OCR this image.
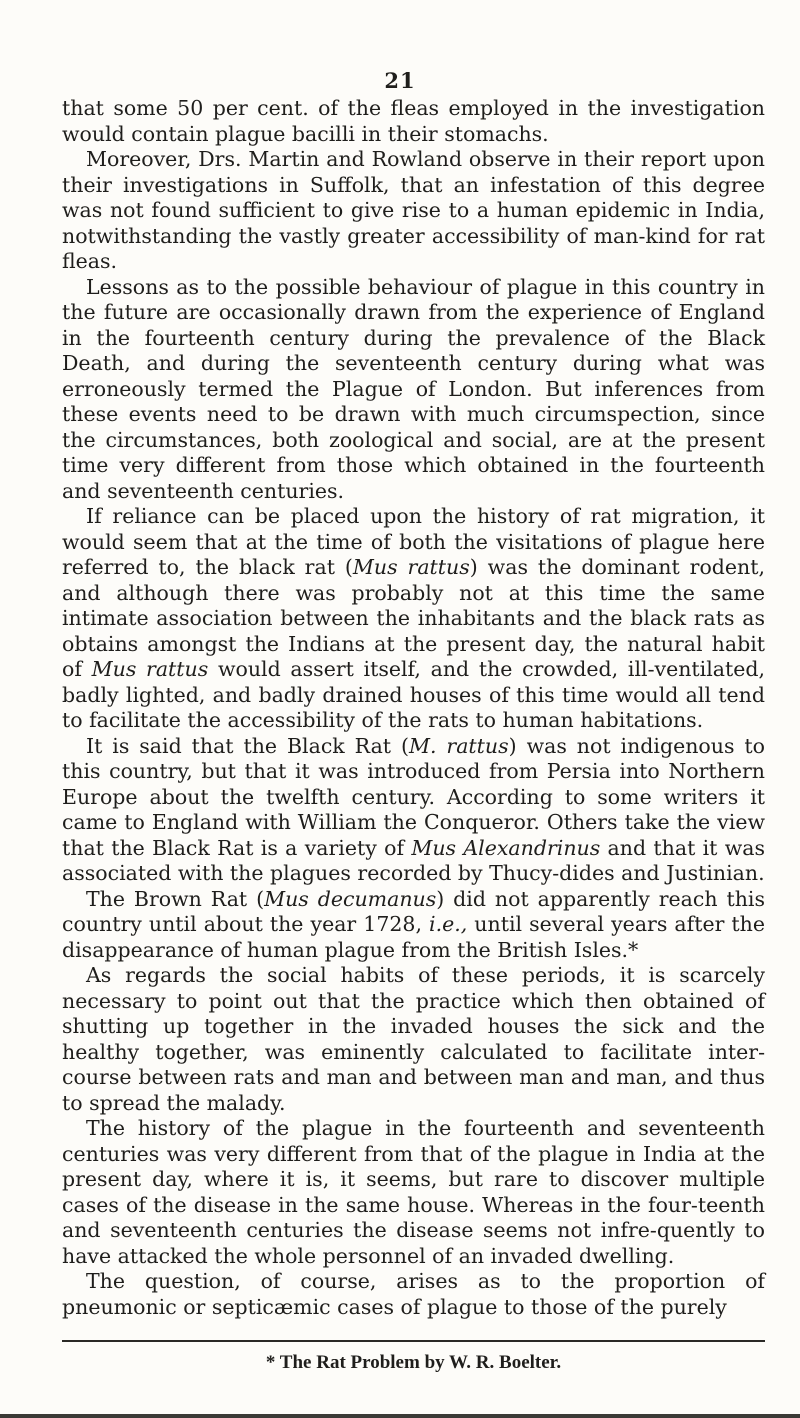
21

that some 50 per cent. of the fleas employed in the investigation would contain plague bacilli in their stomachs.

Moreover, Drs. Martin and Rowland observe in their report upon their investigations in Suffolk, that an infestation of this degree was not found sufficient to give rise to a human epidemic in India, notwithstanding the vastly greater accessibility of man-kind for rat fleas.

Lessons as to the possible behaviour of plague in this country in the future are occasionally drawn from the experience of England in the fourteenth century during the prevalence of the Black Death, and during the seventeenth century during what was erroneously termed the Plague of London. But inferences from these events need to be drawn with much circumspection, since the circumstances, both zoological and social, are at the present time very different from those which obtained in the fourteenth and seventeenth centuries.

If reliance can be placed upon the history of rat migration, it would seem that at the time of both the visitations of plague here referred to, the black rat (Mus rattus) was the dominant rodent, and although there was probably not at this time the same intimate association between the inhabitants and the black rats as obtains amongst the Indians at the present day, the natural habit of Mus rattus would assert itself, and the crowded, ill-ventilated, badly lighted, and badly drained houses of this time would all tend to facilitate the accessibility of the rats to human habitations.

It is said that the Black Rat (M. rattus) was not indigenous to this country, but that it was introduced from Persia into Northern Europe about the twelfth century. According to some writers it came to England with William the Conqueror. Others take the view that the Black Rat is a variety of Mus Alexandrinus and that it was associated with the plagues recorded by Thucy-dides and Justinian.

The Brown Rat (Mus decumanus) did not apparently reach this country until about the year 1728, i.e., until several years after the disappearance of human plague from the British Isles.*

As regards the social habits of these periods, it is scarcely necessary to point out that the practice which then obtained of shutting up together in the invaded houses the sick and the healthy together, was eminently calculated to facilitate inter-course between rats and man and between man and man, and thus to spread the malady.

The history of the plague in the fourteenth and seventeenth centuries was very different from that of the plague in India at the present day, where it is, it seems, but rare to discover multiple cases of the disease in the same house. Whereas in the four-teenth and seventeenth centuries the disease seems not infre-quently to have attacked the whole personnel of an invaded dwelling.

The question, of course, arises as to the proportion of pneumonic or septicæmic cases of plague to those of the purely

* The Rat Problem by W. R. Boelter.
